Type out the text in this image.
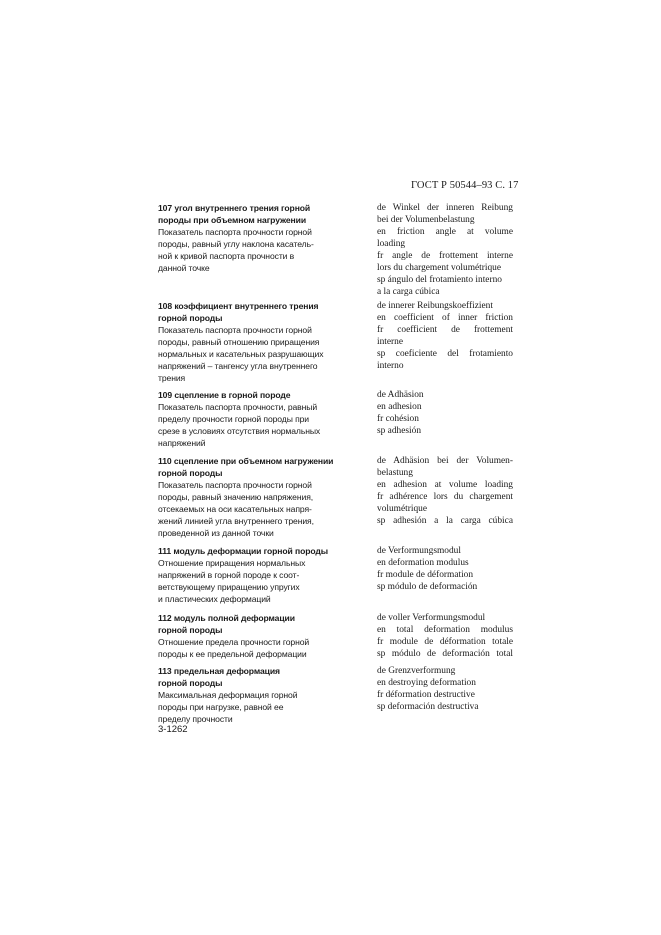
ГОСТ Р 50544–93 С. 17
107 угол внутреннего трения горной
породы при объемном нагружении
Показатель паспорта прочности горной
породы, равный углу наклона касатель-
ной к кривой паспорта прочности в
данной точке
de Winkel der inneren Reibung
bei der Volumenbelastung
en friction angle at volume
loading
fr angle de frottement interne
lors du chargement volumétrique
sp ángulo del frotamiento interno
a la carga cúbica
108 коэффициент внутреннего трения
горной породы
Показатель паспорта прочности горной
породы, равный отношению приращения
нормальных и касательных разрушающих
напряжений – тангенсу угла внутреннего
трения
de innerer Reibungskoeffizient
en coefficient of inner friction
fr coefficient de frottement
interne
sp coeficiente del frotamiento
interno
109 сцепление в горной породе
Показатель паспорта прочности, равный
пределу прочности горной породы при
срезе в условиях отсутствия нормальных
напряжений
de Adhäsion
en adhesion
fr cohésion
sp adhesión
110 сцепление при объемном нагружении
горной породы
Показатель паспорта прочности горной
породы, равный значению напряжения,
отсекаемых на оси касательных напря-
жений линией угла внутреннего трения,
проведенной из данной точки
de Adhäsion bei der Volumen-
belastung
en adhesion at volume loading
fr adhérence lors du chargement
volumétrique
sp adhesión a la carga cúbica
111 модуль деформации горной породы
Отношение приращения нормальных
напряжений в горной породе к соот-
ветствующему приращению упругих
и пластических деформаций
de Verformungsmodul
en deformation modulus
fr module de déformation
sp módulo de deformación
112 модуль полной деформации
горной породы
Отношение предела прочности горной
породы к ее предельной деформации
de voller Verformungsmodul
en total deformation modulus
fr module de déformation totale
sp módulo de deformación total
113 предельная деформация
горной породы
Максимальная деформация горной
породы при нагрузке, равной ее
пределу прочности
de Grenzverformung
en destroying deformation
fr déformation destructive
sp deformación destructiva
3-1262
